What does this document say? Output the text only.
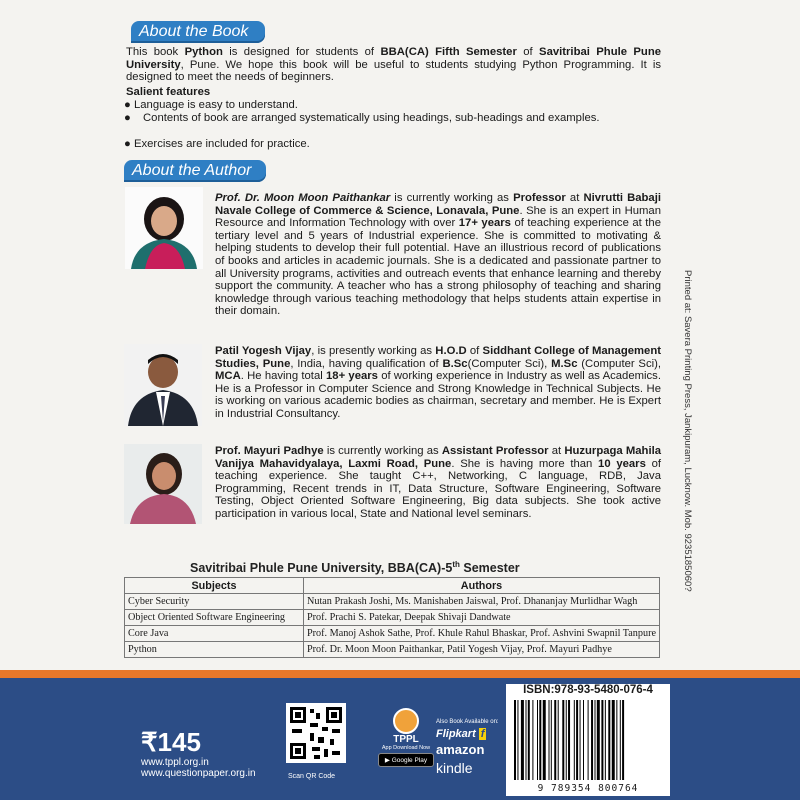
About the Book
This book Python is designed for students of BBA(CA) Fifth Semester of Savitribai Phule Pune University, Pune. We hope this book will be useful to students studying Python Programming. It is designed to meet the needs of beginners.
Salient features
● Language is easy to understand.
● Contents of book are arranged systematically using headings, sub-headings and examples.
● Exercises are included for practice.
About the Author
Prof. Dr. Moon Moon Paithankar is currently working as Professor at Nivrutti Babaji Navale College of Commerce & Science, Lonavala, Pune. She is an expert in Human Resource and Information Technology with over 17+ years of teaching experience at the tertiary level and 5 years of Industrial experience. She is committed to motivating & helping students to develop their full potential. Have an illustrious record of publications of books and articles in academic journals. She is a dedicated and passionate partner to all University programs, activities and outreach events that enhance learning and thereby support the community. A teacher who has a strong philosophy of teaching and sharing knowledge through various teaching methodology that helps students attain expertise in their domain.
Patil Yogesh Vijay, is presently working as H.O.D of Siddhant College of Management Studies, Pune, India, having qualification of B.Sc(Computer Sci), M.Sc (Computer Sci), MCA. He having total 18+ years of working experience in Industry as well as Academics. He is a Professor in Computer Science and Strong Knowledge in Technical Subjects. He is working on various academic bodies as chairman, secretary and member. He is Expert in Industrial Consultancy.
Prof. Mayuri Padhye is currently working as Assistant Professor at Huzurpaga Mahila Vanijya Mahavidyalaya, Laxmi Road, Pune. She is having more than 10 years of teaching experience. She taught C++, Networking, C language, RDB, Java Programming, Recent trends in IT, Data Structure, Software Engineering, Software Testing, Object Oriented Software Engineering, Big data subjects. She took active participation in various local, State and National level seminars.	Printed at: Savera Printing Press, Jankipuram, Lucknow. Mob. 9235185060?
Savitribai Phule Pune University, BBA(CA)-5th Semester
Subjects	Authors
Cyber Security	Nutan Prakash Joshi, Ms. Manishaben Jaiswal, Prof. Dhananjay Murlidhar Wagh
Object Oriented Software Engineering	Prof. Prachi S. Patekar, Deepak Shivaji Dandwate
Core Java	Prof. Manoj Ashok Sathe, Prof. Khule Rahul Bhaskar, Prof. Ashvini Swapnil Tanpure
Python	Prof. Dr. Moon Moon Paithankar, Patil Yogesh Vijay, Prof. Mayuri Padhye
₹145
www.tppl.org.in
www.questionpaper.org.in	Scan QR Code
TPPL
App Download Now
▶ Google Play
Also Book Available on:
Flipkart f
amazon
kindle
ISBN:978-93-5480-076-4
9 789354 800764
